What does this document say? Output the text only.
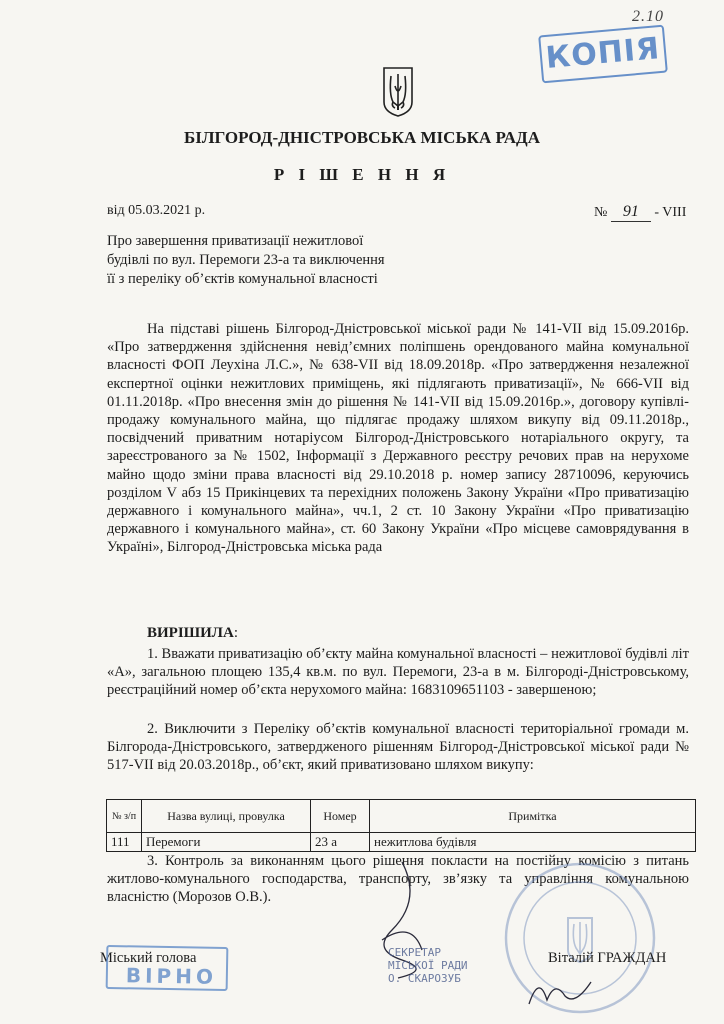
2.10
КОПІЯ
БІЛГОРОД-ДНІСТРОВСЬКА МІСЬКА РАДА
Р І Ш Е Н Н Я
від 05.03.2021 р.	№ 91 - VIII
Про завершення приватизації нежитлової
будівлі по вул. Перемоги 23-а та виключення
її з переліку об’єктів комунальної власності
На підставі рішень Білгород-Дністровської міської ради № 141-VII від 15.09.2016р. «Про затвердження здійснення невід’ємних поліпшень орендованого майна комунальної власності ФОП Леухіна Л.С.», № 638-VII від 18.09.2018р. «Про затвердження незалежної експертної оцінки нежитлових приміщень, які підлягають приватизації», № 666-VII від 01.11.2018р. «Про внесення змін до рішення № 141-VII від 15.09.2016р.», договору купівлі-продажу комунального майна, що підлягає продажу шляхом викупу від 09.11.2018р., посвідчений приватним нотаріусом Білгород-Дністровського нотаріального округу, та зареєстрованого за № 1502, Інформації з Державного реєстру речових прав на нерухоме майно щодо зміни права власності від 29.10.2018 р. номер запису 28710096, керуючись розділом V абз 15 Прикінцевих та перехідних положень Закону України «Про приватизацію державного і комунального майна», чч.1, 2 ст. 10 Закону України «Про приватизацію державного і комунального майна», ст. 60 Закону України «Про місцеве самоврядування в Україні», Білгород-Дністровська міська рада
ВИРІШИЛА:
1. Вважати приватизацію об’єкту майна комунальної власності – нежитлової будівлі літ «А», загальною площею 135,4 кв.м. по вул. Перемоги, 23-а в м. Білгороді-Дністровському, реєстраційний номер об’єкта нерухомого майна: 1683109651103 - завершеною;
2. Виключити з Переліку об’єктів комунальної власності територіальної громади м. Білгорода-Дністровського, затвердженого рішенням Білгород-Дністровської міської ради № 517-VII від 20.03.2018р., об’єкт, який приватизовано шляхом викупу:
№ з/п	Назва вулиці, провулка	Номер	Примітка
111	Перемоги	23 а	нежитлова будівля
3. Контроль за виконанням цього рішення покласти на постійну комісію з питань житлово-комунального господарства, транспорту, зв’язку та управління комунальною власністю (Морозов О.В.).
Міський голова
ВІРНО
СЕКРЕТАР
МІСЬКОЇ РАДИ
О. СКАРОЗУБ
Віталій ГРАЖДАН
